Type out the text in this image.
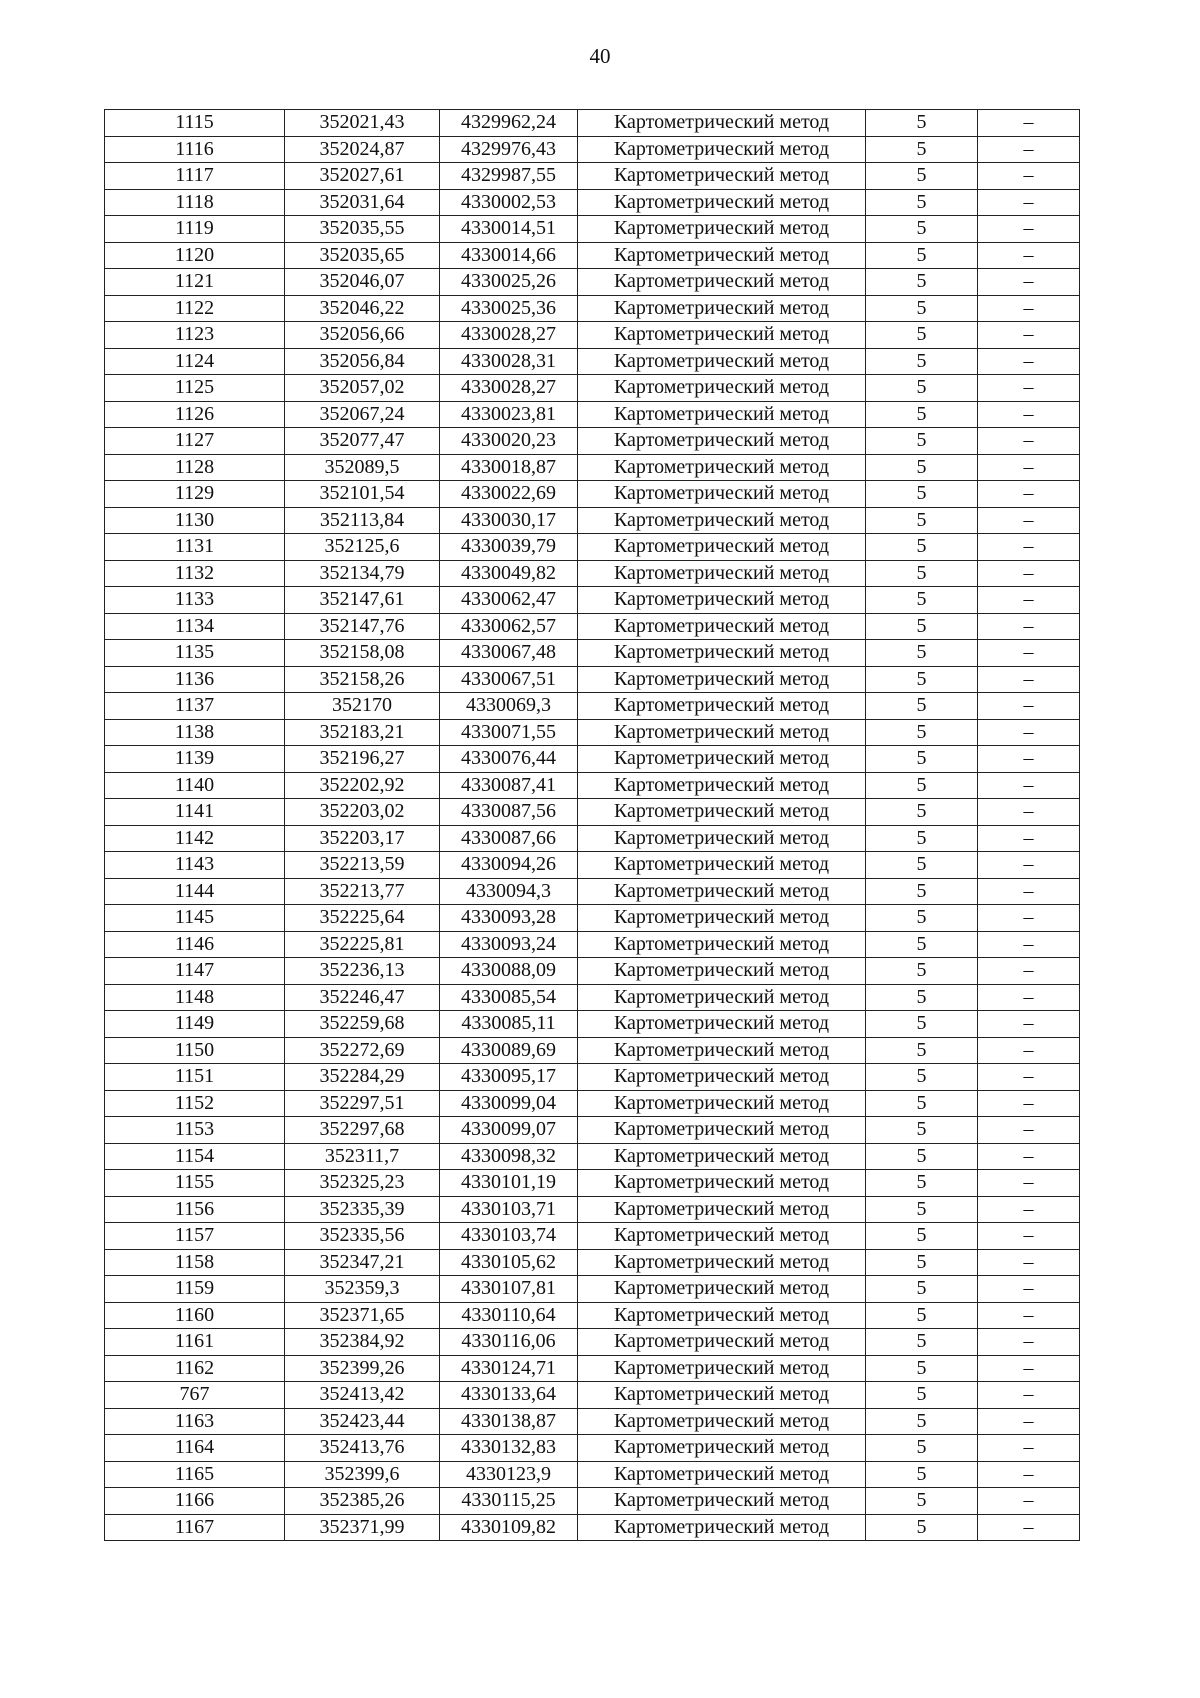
40
1115	352021,43	4329962,24	Картометрический метод	5	–
1116	352024,87	4329976,43	Картометрический метод	5	–
1117	352027,61	4329987,55	Картометрический метод	5	–
1118	352031,64	4330002,53	Картометрический метод	5	–
1119	352035,55	4330014,51	Картометрический метод	5	–
1120	352035,65	4330014,66	Картометрический метод	5	–
1121	352046,07	4330025,26	Картометрический метод	5	–
1122	352046,22	4330025,36	Картометрический метод	5	–
1123	352056,66	4330028,27	Картометрический метод	5	–
1124	352056,84	4330028,31	Картометрический метод	5	–
1125	352057,02	4330028,27	Картометрический метод	5	–
1126	352067,24	4330023,81	Картометрический метод	5	–
1127	352077,47	4330020,23	Картометрический метод	5	–
1128	352089,5	4330018,87	Картометрический метод	5	–
1129	352101,54	4330022,69	Картометрический метод	5	–
1130	352113,84	4330030,17	Картометрический метод	5	–
1131	352125,6	4330039,79	Картометрический метод	5	–
1132	352134,79	4330049,82	Картометрический метод	5	–
1133	352147,61	4330062,47	Картометрический метод	5	–
1134	352147,76	4330062,57	Картометрический метод	5	–
1135	352158,08	4330067,48	Картометрический метод	5	–
1136	352158,26	4330067,51	Картометрический метод	5	–
1137	352170	4330069,3	Картометрический метод	5	–
1138	352183,21	4330071,55	Картометрический метод	5	–
1139	352196,27	4330076,44	Картометрический метод	5	–
1140	352202,92	4330087,41	Картометрический метод	5	–
1141	352203,02	4330087,56	Картометрический метод	5	–
1142	352203,17	4330087,66	Картометрический метод	5	–
1143	352213,59	4330094,26	Картометрический метод	5	–
1144	352213,77	4330094,3	Картометрический метод	5	–
1145	352225,64	4330093,28	Картометрический метод	5	–
1146	352225,81	4330093,24	Картометрический метод	5	–
1147	352236,13	4330088,09	Картометрический метод	5	–
1148	352246,47	4330085,54	Картометрический метод	5	–
1149	352259,68	4330085,11	Картометрический метод	5	–
1150	352272,69	4330089,69	Картометрический метод	5	–
1151	352284,29	4330095,17	Картометрический метод	5	–
1152	352297,51	4330099,04	Картометрический метод	5	–
1153	352297,68	4330099,07	Картометрический метод	5	–
1154	352311,7	4330098,32	Картометрический метод	5	–
1155	352325,23	4330101,19	Картометрический метод	5	–
1156	352335,39	4330103,71	Картометрический метод	5	–
1157	352335,56	4330103,74	Картометрический метод	5	–
1158	352347,21	4330105,62	Картометрический метод	5	–
1159	352359,3	4330107,81	Картометрический метод	5	–
1160	352371,65	4330110,64	Картометрический метод	5	–
1161	352384,92	4330116,06	Картометрический метод	5	–
1162	352399,26	4330124,71	Картометрический метод	5	–
767	352413,42	4330133,64	Картометрический метод	5	–
1163	352423,44	4330138,87	Картометрический метод	5	–
1164	352413,76	4330132,83	Картометрический метод	5	–
1165	352399,6	4330123,9	Картометрический метод	5	–
1166	352385,26	4330115,25	Картометрический метод	5	–
1167	352371,99	4330109,82	Картометрический метод	5	–
